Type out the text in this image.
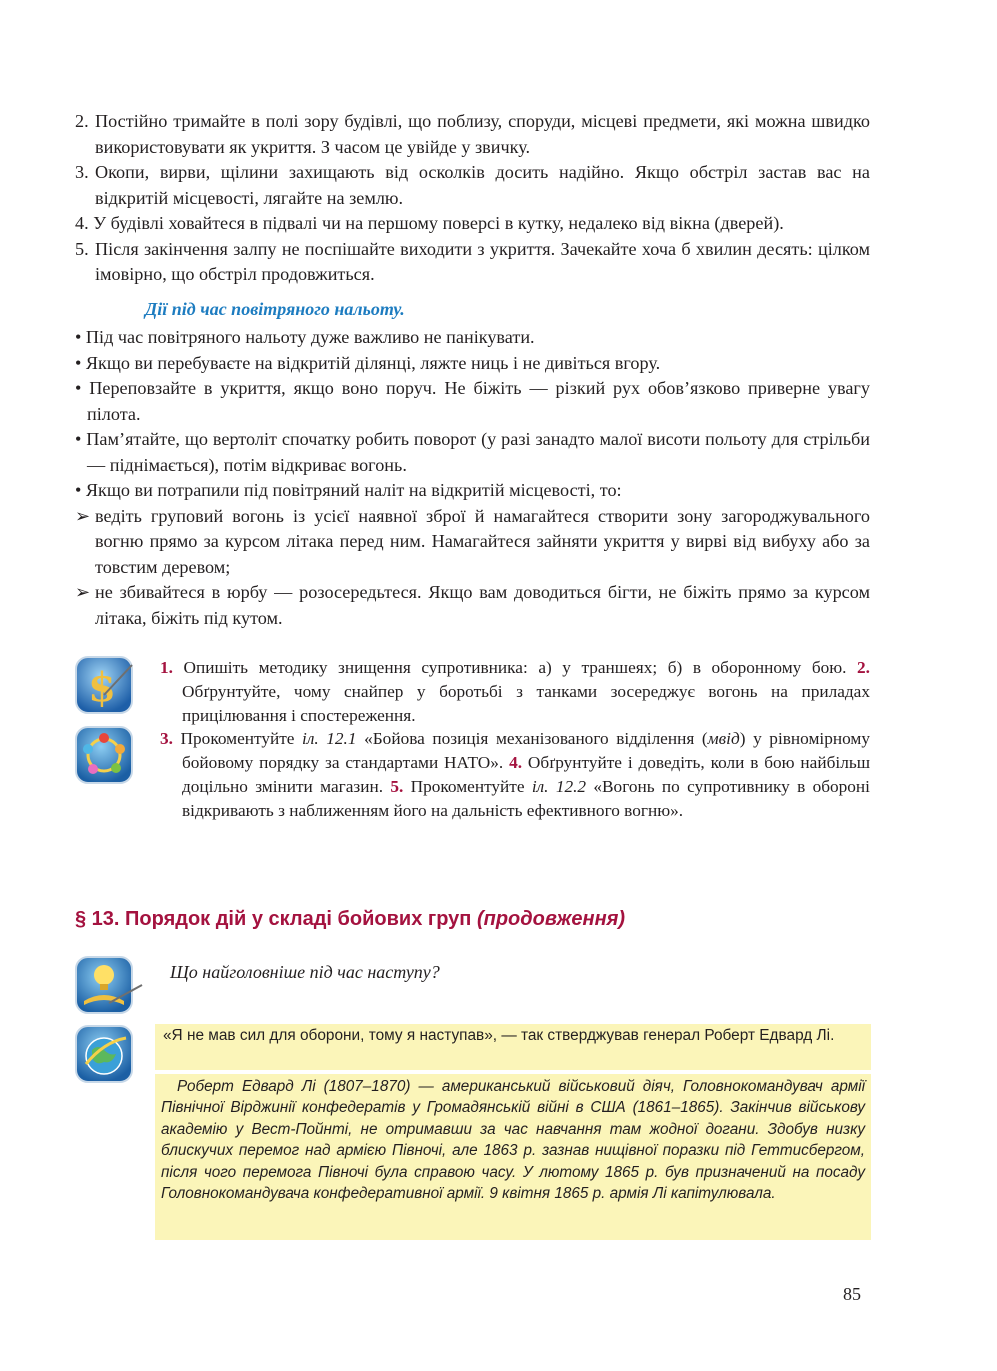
2. Постійно тримайте в полі зору будівлі, що поблизу, споруди, місцеві предмети, які можна швидко використовувати як укриття. З часом це увійде у звичку.

3. Окопи, вирви, щілини захищають від осколків досить надійно. Якщо обстріл застав вас на відкритій місцевості, лягайте на землю.

4. У будівлі ховайтеся в підвалі чи на першому поверсі в кутку, недалеко від вікна (дверей).

5. Після закінчення залпу не поспішайте виходити з укриття. Зачекайте хоча б хвилин десять: цілком імовірно, що обстріл продовжиться.

Дії під час повітряного нальоту.

• Під час повітряного нальоту дуже важливо не панікувати.

• Якщо ви перебуваєте на відкритій ділянці, ляжте ниць і не дивіться вгору.

• Переповзайте в укриття, якщо воно поруч. Не біжіть — різкий рух обов’язково приверне увагу пілота.

• Пам’ятайте, що вертоліт спочатку робить поворот (у разі занадто малої висоти польоту для стрільби — піднімається), потім відкриває вогонь.

• Якщо ви потрапили під повітряний наліт на відкритій місцевості, то:

➢ ведіть груповий вогонь із усієї наявної зброї й намагайтеся створити зону загороджувального вогню прямо за курсом літака перед ним. Намагайтеся зайняти укриття у вирві від вибуху або за товстим деревом;

➢ не збивайтеся в юрбу — розосередьтеся. Якщо вам доводиться бігти, не біжіть прямо за курсом літака, біжіть під кутом.

$	1. Опишіть методику знищення супротивника: а) у траншеях; б) в оборонному бою. 2. Обґрунтуйте, чому снайпер у боротьбі з танками зосереджує вогонь на приладах прицілювання і спостереження.

3. Прокоментуйте іл. 12.1 «Бойова позиція механізованого відділення (мвід) у рівномірному бойовому порядку за стандартами НАТО». 4. Обґрунтуйте і доведіть, коли в бою найбільш доцільно змінити магазин. 5. Прокоментуйте іл. 12.2 «Вогонь по супротивнику в обороні відкривають з наближенням його на дальність ефективного вогню».

§ 13. Порядок дій у складі бойових груп (продовження)
Що найголовніше під час наступу?
«Я не мав сил для оборони, тому я наступав», — так стверджував генерал Роберт Едвард Лі.

Роберт Едвард Лі (1807–1870) — американський військовий діяч, Головнокомандувач армії Північної Вірджинії конфедератів у Громадянській війні в США (1861–1865). Закінчив військову академію у Вест-Пойнті, не отримавши за час навчання там жодної догани. Здобув низку блискучих перемог над армією Півночі, але 1863 р. зазнав нищівної поразки під Геттисбергом, після чого перемога Півночі була справою часу. У лютому 1865 р. був призначений на посаду Головнокомандувача конфедеративної армії. 9 квітня 1865 р. армія Лі капітулювала.

85
